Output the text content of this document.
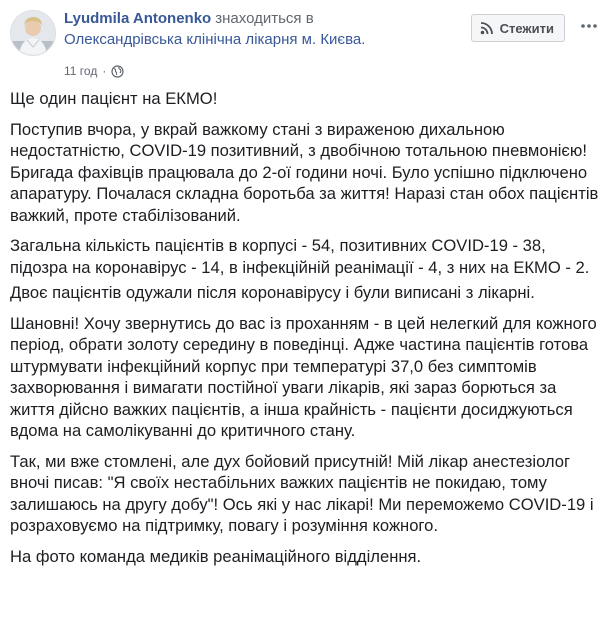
Lyudmila Antonenko знаходиться в
Олександрівська клінічна лікарня м. Києва.
11 год ·
Стежити

Ще один пацієнт на ЕКМО!

Поступив вчора, у вкрай важкому стані з вираженою дихальною недостатністю, COVID-19 позитивний, з двобічною тотальною пневмонією! Бригада фахівців працювала до 2-ої години ночі. Було успішно підключено апаратуру. Почалася складна боротьба за життя! Наразі стан обох пацієнтів важкий, проте стабілізований.

Загальна кількість пацієнтів в корпусі - 54, позитивних COVID-19 - 38, підозра на коронавірус - 14, в інфекційній реанімації - 4, з них на ЕКМО - 2.

Двоє пацієнтів одужали після коронавірусу і були виписані з лікарні.

Шановні! Хочу звернутись до вас із проханням - в цей нелегкий для кожного період, обрати золоту середину в поведінці. Адже частина пацієнтів готова штурмувати інфекційний корпус при температурі 37,0 без симптомів захворювання і вимагати постійної уваги лікарів, які зараз борються за життя дійсно важких пацієнтів, а інша крайність - пацієнти досиджуються вдома на самолікуванні до критичного стану.

Так, ми вже стомлені, але дух бойовий присутній! Мій лікар анестезіолог вночі писав: "Я своїх нестабільних важких пацієнтів не покидаю, тому залишаюсь на другу добу"! Ось які у нас лікарі! Ми переможемо COVID-19 і розраховуємо на підтримку, повагу і розуміння кожного.

На фото команда медиків реанімаційного відділення.
